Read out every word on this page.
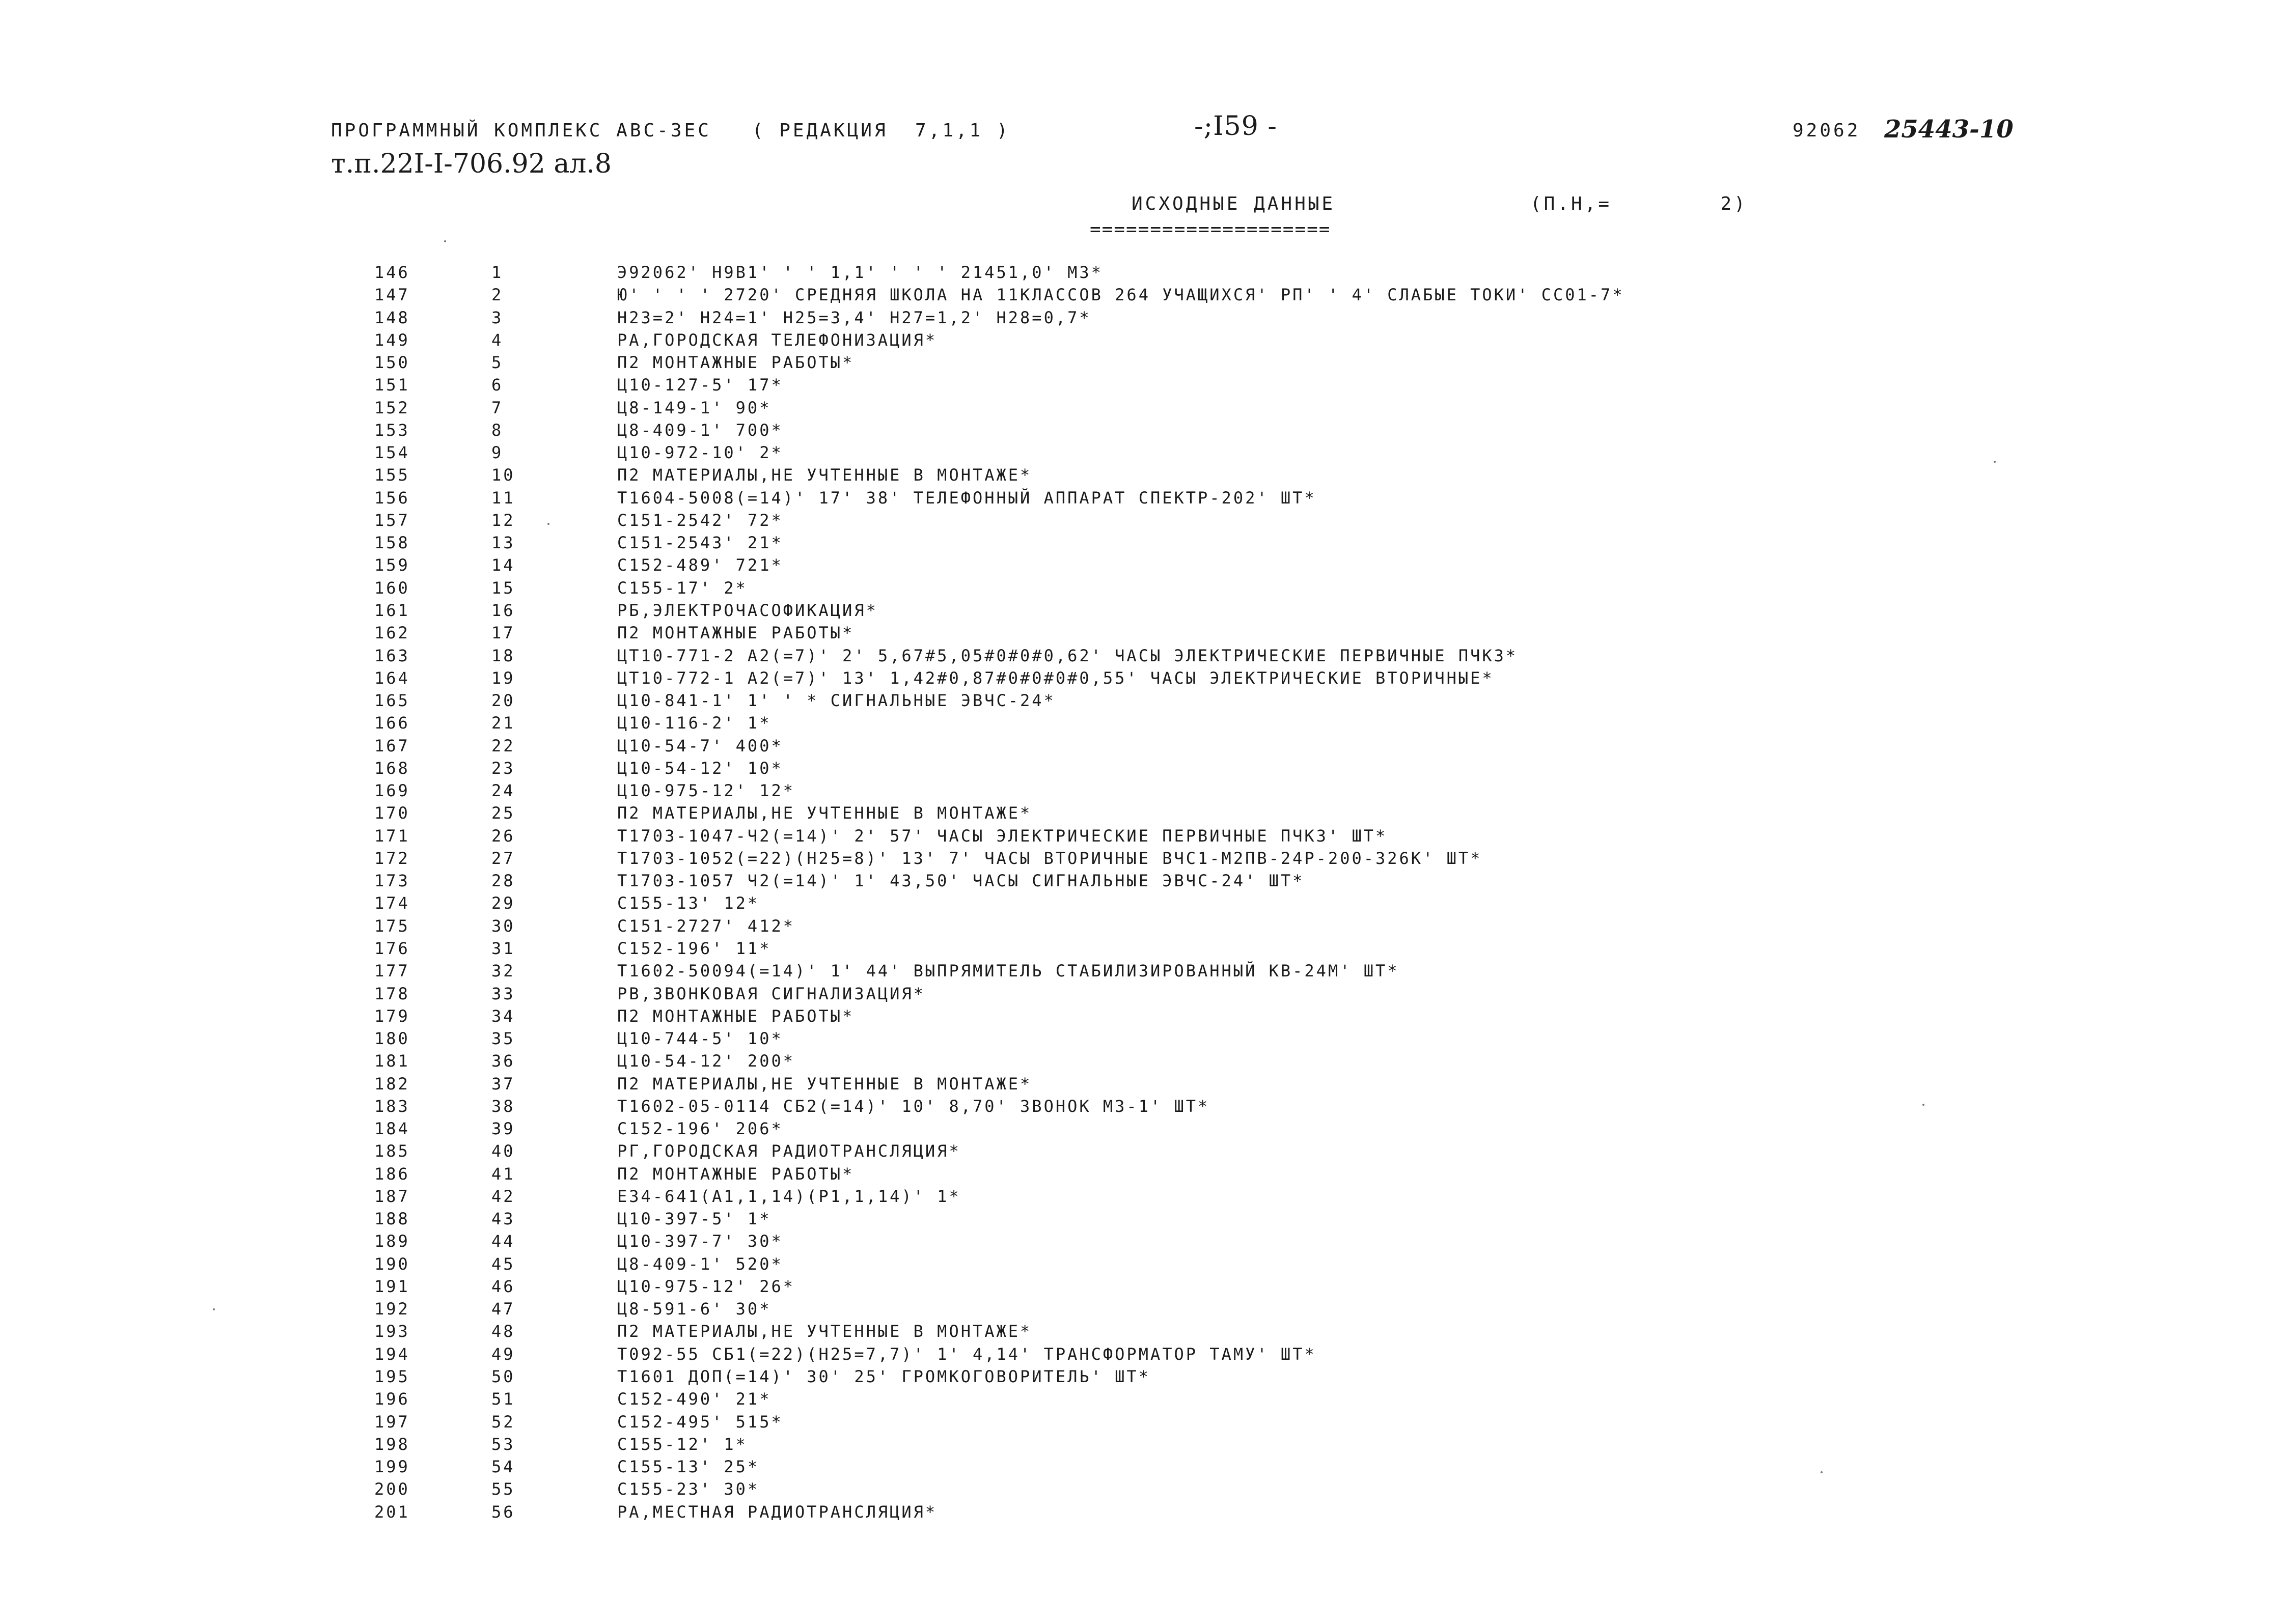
ПРОГРАММНЫЙ КОМПЛЕКС АВС-3ЕС   ( РЕДАКЦИЯ  7,1,1 )	-;I59 -	92062 25443-10
т.п.22I-I-706.92 ал.8
ИСХОДНЫЕ ДАННЫЕ
====================
(П.Н,=        2)
146	1	Э92062' Н9В1' ' ' 1,1' ' ' ' 21451,0' М3*
147	2	Ю' ' ' ' 2720' СРЕДНЯЯ ШКОЛА НА 11КЛАССОВ 264 УЧАЩИХСЯ' РП' ' 4' СЛАБЫЕ ТОКИ' СС01-7*
148	3	Н23=2' Н24=1' Н25=3,4' Н27=1,2' Н28=0,7*
149	4	РА,ГОРОДСКАЯ ТЕЛЕФОНИЗАЦИЯ*
150	5	П2 МОНТАЖНЫЕ РАБОТЫ*
151	6	Ц10-127-5' 17*
152	7	Ц8-149-1' 90*
153	8	Ц8-409-1' 700*
154	9	Ц10-972-10' 2*
155	10	П2 МАТЕРИАЛЫ,НЕ УЧТЕННЫЕ В МОНТАЖЕ*
156	11	Т1604-5008(=14)' 17' 38' ТЕЛЕФОННЫЙ АППАРАТ СПЕКТР-202' ШТ*
157	12	С151-2542' 72*
158	13	С151-2543' 21*
159	14	С152-489' 721*
160	15	С155-17' 2*
161	16	РБ,ЭЛЕКТРОЧАСОФИКАЦИЯ*
162	17	П2 МОНТАЖНЫЕ РАБОТЫ*
163	18	ЦТ10-771-2 А2(=7)' 2' 5,67#5,05#0#0#0,62' ЧАСЫ ЭЛЕКТРИЧЕСКИЕ ПЕРВИЧНЫЕ ПЧК3*
164	19	ЦТ10-772-1 А2(=7)' 13' 1,42#0,87#0#0#0#0,55' ЧАСЫ ЭЛЕКТРИЧЕСКИЕ ВТОРИЧНЫЕ*
165	20	Ц10-841-1' 1' ' * СИГНАЛЬНЫЕ ЭВЧС-24*
166	21	Ц10-116-2' 1*
167	22	Ц10-54-7' 400*
168	23	Ц10-54-12' 10*
169	24	Ц10-975-12' 12*
170	25	П2 МАТЕРИАЛЫ,НЕ УЧТЕННЫЕ В МОНТАЖЕ*
171	26	Т1703-1047-Ч2(=14)' 2' 57' ЧАСЫ ЭЛЕКТРИЧЕСКИЕ ПЕРВИЧНЫЕ ПЧК3' ШТ*
172	27	Т1703-1052(=22)(Н25=8)' 13' 7' ЧАСЫ ВТОРИЧНЫЕ ВЧС1-М2ПВ-24Р-200-326К' ШТ*
173	28	Т1703-1057 Ч2(=14)' 1' 43,50' ЧАСЫ СИГНАЛЬНЫЕ ЭВЧС-24' ШТ*
174	29	С155-13' 12*
175	30	С151-2727' 412*
176	31	С152-196' 11*
177	32	Т1602-50094(=14)' 1' 44' ВЫПРЯМИТЕЛЬ СТАБИЛИЗИРОВАННЫЙ КВ-24М' ШТ*
178	33	РВ,ЗВОНКОВАЯ СИГНАЛИЗАЦИЯ*
179	34	П2 МОНТАЖНЫЕ РАБОТЫ*
180	35	Ц10-744-5' 10*
181	36	Ц10-54-12' 200*
182	37	П2 МАТЕРИАЛЫ,НЕ УЧТЕННЫЕ В МОНТАЖЕ*
183	38	Т1602-05-0114 СБ2(=14)' 10' 8,70' ЗВОНОК МЗ-1' ШТ*
184	39	С152-196' 206*
185	40	РГ,ГОРОДСКАЯ РАДИОТРАНСЛЯЦИЯ*
186	41	П2 МОНТАЖНЫЕ РАБОТЫ*
187	42	Е34-641(А1,1,14)(Р1,1,14)' 1*
188	43	Ц10-397-5' 1*
189	44	Ц10-397-7' 30*
190	45	Ц8-409-1' 520*
191	46	Ц10-975-12' 26*
192	47	Ц8-591-6' 30*
193	48	П2 МАТЕРИАЛЫ,НЕ УЧТЕННЫЕ В МОНТАЖЕ*
194	49	Т092-55 СБ1(=22)(Н25=7,7)' 1' 4,14' ТРАНСФОРМАТОР ТАМУ' ШТ*
195	50	Т1601 ДОП(=14)' 30' 25' ГРОМКОГОВОРИТЕЛЬ' ШТ*
196	51	С152-490' 21*
197	52	С152-495' 515*
198	53	С155-12' 1*
199	54	С155-13' 25*
200	55	С155-23' 30*
201	56	РА,МЕСТНАЯ РАДИОТРАНСЛЯЦИЯ*
